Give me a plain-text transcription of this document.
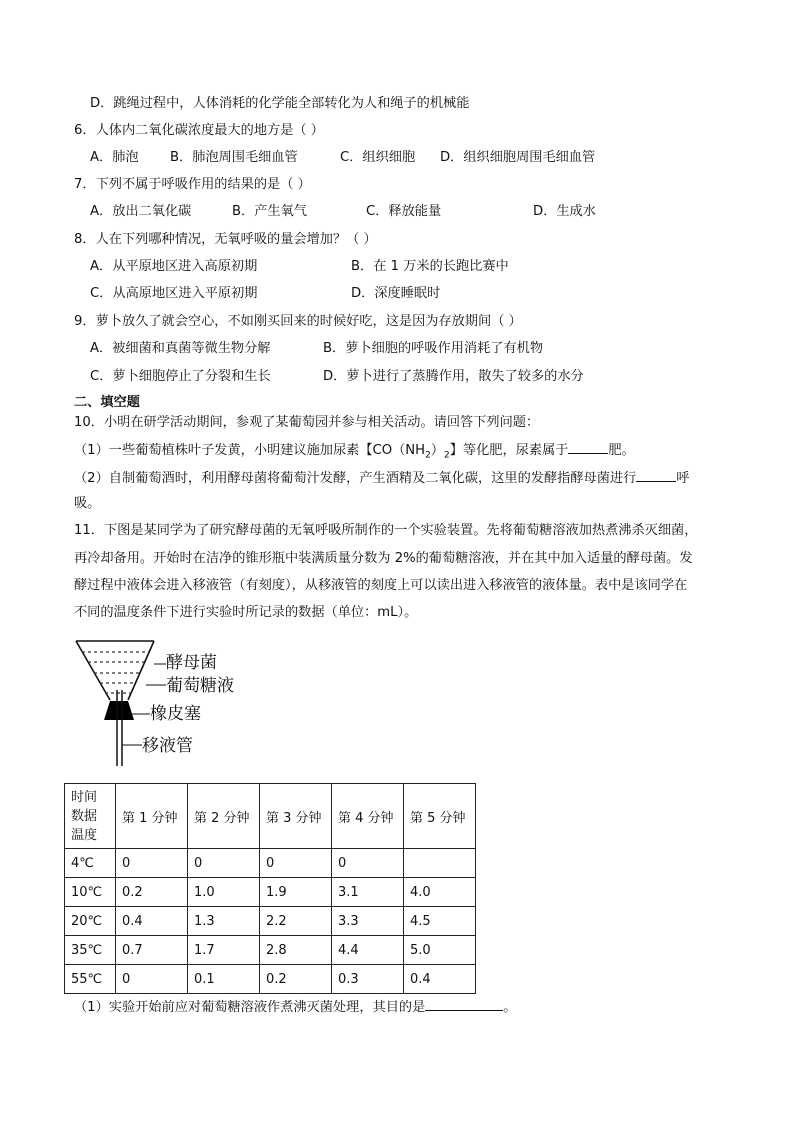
D．跳绳过程中，人体消耗的化学能全部转化为人和绳子的机械能
6．人体内二氧化碳浓度最大的地方是（ ）
A．肺泡 B．肺泡周围毛细血管	C．组织细胞 D．组织细胞周围毛细血管
7．下列不属于呼吸作用的结果的是（ ）
A．放出二氧化碳	B．产生氧气	C．释放能量	D．生成水
8．人在下列哪种情况，无氧呼吸的量会增加？（ ）
A．从平原地区进入高原初期	B．在 1 万米的长跑比赛中
C．从高原地区进入平原初期	D．深度睡眠时
9．萝卜放久了就会空心，不如刚买回来的时候好吃，这是因为存放期间（ ）
A．被细菌和真菌等微生物分解	B．萝卜细胞的呼吸作用消耗了有机物
C．萝卜细胞停止了分裂和生长	D．萝卜进行了蒸腾作用，散失了较多的水分
二、填空题
10．小明在研学活动期间，参观了某葡萄园并参与相关活动。请回答下列问题：
（1）一些葡萄植株叶子发黄，小明建议施加尿素【$CO(NH_2)_2$】等化肥，尿素属于	肥。
（2）自制葡萄酒时，利用酵母菌将葡萄汁发酵，产生酒精及二氧化碳，这里的发酵指酵母菌进行	呼
吸。
11．下图是某同学为了研究酵母菌的无氧呼吸所制作的一个实验装置。先将葡萄糖溶液加热煮沸杀灭细菌，
再冷却备用。开始时在洁净的锥形瓶中装满质量分数为 2%的葡萄糖溶液，并在其中加入适量的酵母菌。发
酵过程中液体会进入移液管（有刻度），从移液管的刻度上可以读出进入移液管的液体量。表中是该同学在
不同的温度条件下进行实验时所记录的数据（单位：mL）。
酵母菌
葡萄糖液
橡皮塞
移液管
时间
数据
温度	第 1 分钟	第 2 分钟	第 3 分钟	第 4 分钟	第 5 分钟
4℃	0	0	0	0	
10℃	0.2	1.0	1.9	3.1	4.0
20℃	0.4	1.3	2.2	3.3	4.5
35℃	0.7	1.7	2.8	4.4	5.0
55℃	0	0.1	0.2	0.3	0.4
（1）实验开始前应对葡萄糖溶液作煮沸灭菌处理，其目的是	。
